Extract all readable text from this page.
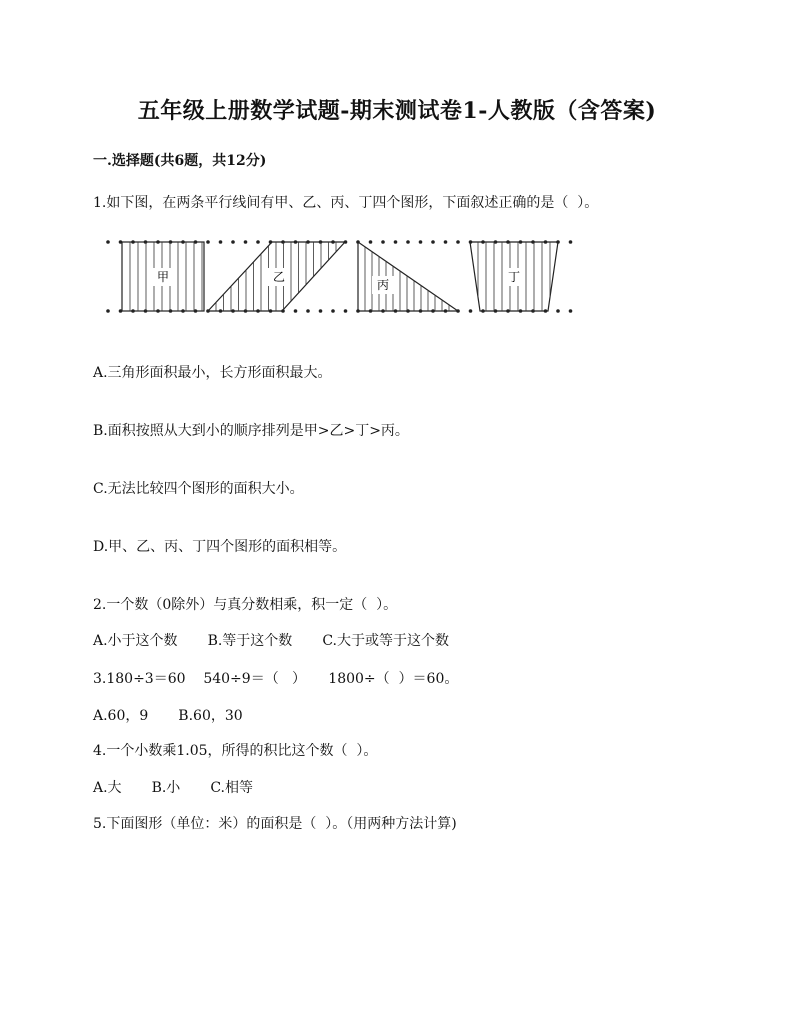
五年级上册数学试题-期末测试卷1-人教版（含答案)
一.选择题(共6题，共12分)
1.如下图，在两条平行线间有甲、乙、丙、丁四个图形，下面叙述正确的是（  ）。
甲	乙
丙
丁
A.三角形面积最小，长方形面积最大。
B.面积按照从大到小的顺序排列是甲>乙>丁>丙。
C.无法比较四个图形的面积大小。
D.甲、乙、丙、丁四个图形的面积相等。
2.一个数（0除外）与真分数相乘，积一定（  ）。
A.小于这个数 B.等于这个数 C.大于或等于这个数
3.180÷3＝60    540÷9＝（   ）     1800÷（  ）＝60。
A.60，9 B.60，30
4.一个小数乘1.05，所得的积比这个数（  ）。
A.大 B.小 C.相等
5.下面图形（单位：米）的面积是（  ）。（用两种方法计算)
